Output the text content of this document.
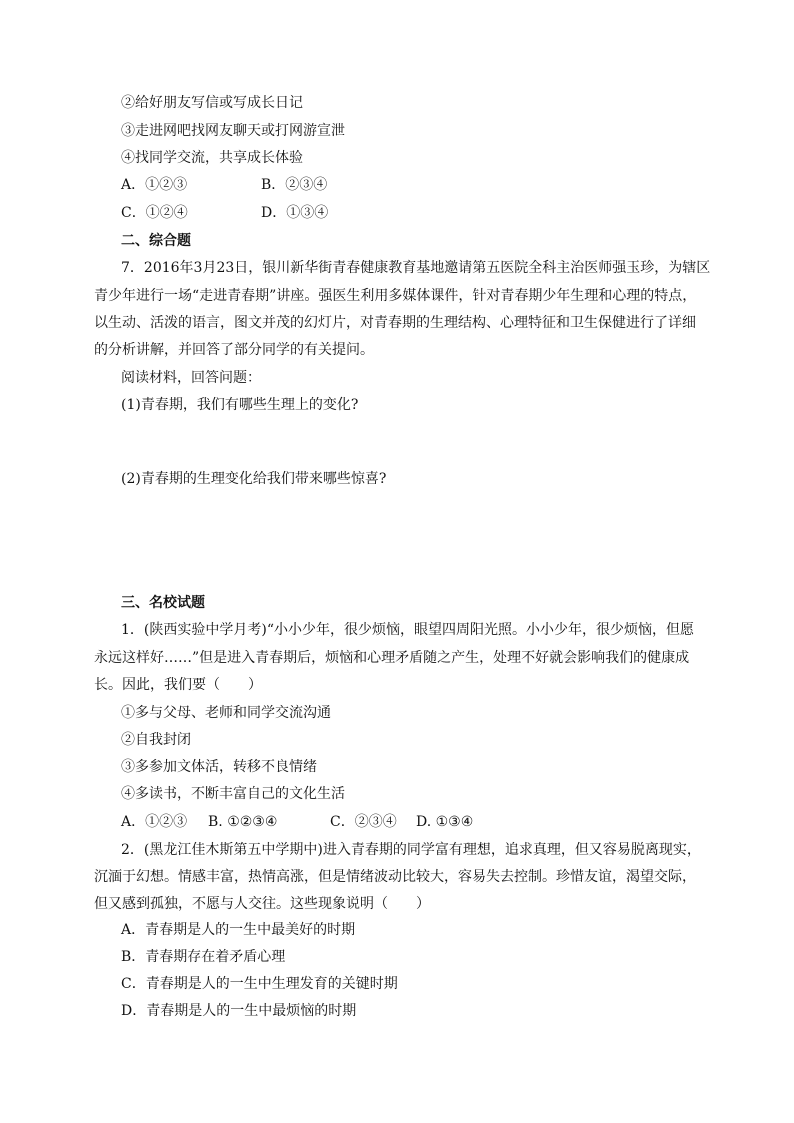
②给好朋友写信或写成长日记
③走进网吧找网友聊天或打网游宣泄
④找同学交流，共享成长体验
A．①②③	B．②③④
C．①②④	D．①③④
二、综合题
7．2016年3月23日，银川新华街青春健康教育基地邀请第五医院全科主治医师强玉珍，为辖区
青少年进行一场“走进青春期”讲座。强医生利用多媒体课件，针对青春期少年生理和心理的特点，
以生动、活泼的语言，图文并茂的幻灯片，对青春期的生理结构、心理特征和卫生保健进行了详细
的分析讲解，并回答了部分同学的有关提问。
阅读材料，回答问题：
(1)青春期，我们有哪些生理上的变化?
(2)青春期的生理变化给我们带来哪些惊喜?
三、名校试题
1．(陕西实验中学月考)“小小少年，很少烦恼，眼望四周阳光照。小小少年，很少烦恼，但愿
永远这样好……”但是进入青春期后，烦恼和心理矛盾随之产生，处理不好就会影响我们的健康成
长。因此，我们要（　　）
①多与父母、老师和同学交流沟通
②自我封闭
③多参加文体活，转移不良情绪
④多读书，不断丰富自己的文化生活
A．①②③ B. ①②③④	C．②③④ D. ①③④
2．(黑龙江佳木斯第五中学期中)进入青春期的同学富有理想，追求真理，但又容易脱离现实，
沉湎于幻想。情感丰富，热情高涨，但是情绪波动比较大，容易失去控制。珍惜友谊，渴望交际，
但又感到孤独，不愿与人交往。这些现象说明（　　）
A．青春期是人的一生中最美好的时期
B．青春期存在着矛盾心理
C．青春期是人的一生中生理发育的关键时期
D．青春期是人的一生中最烦恼的时期
